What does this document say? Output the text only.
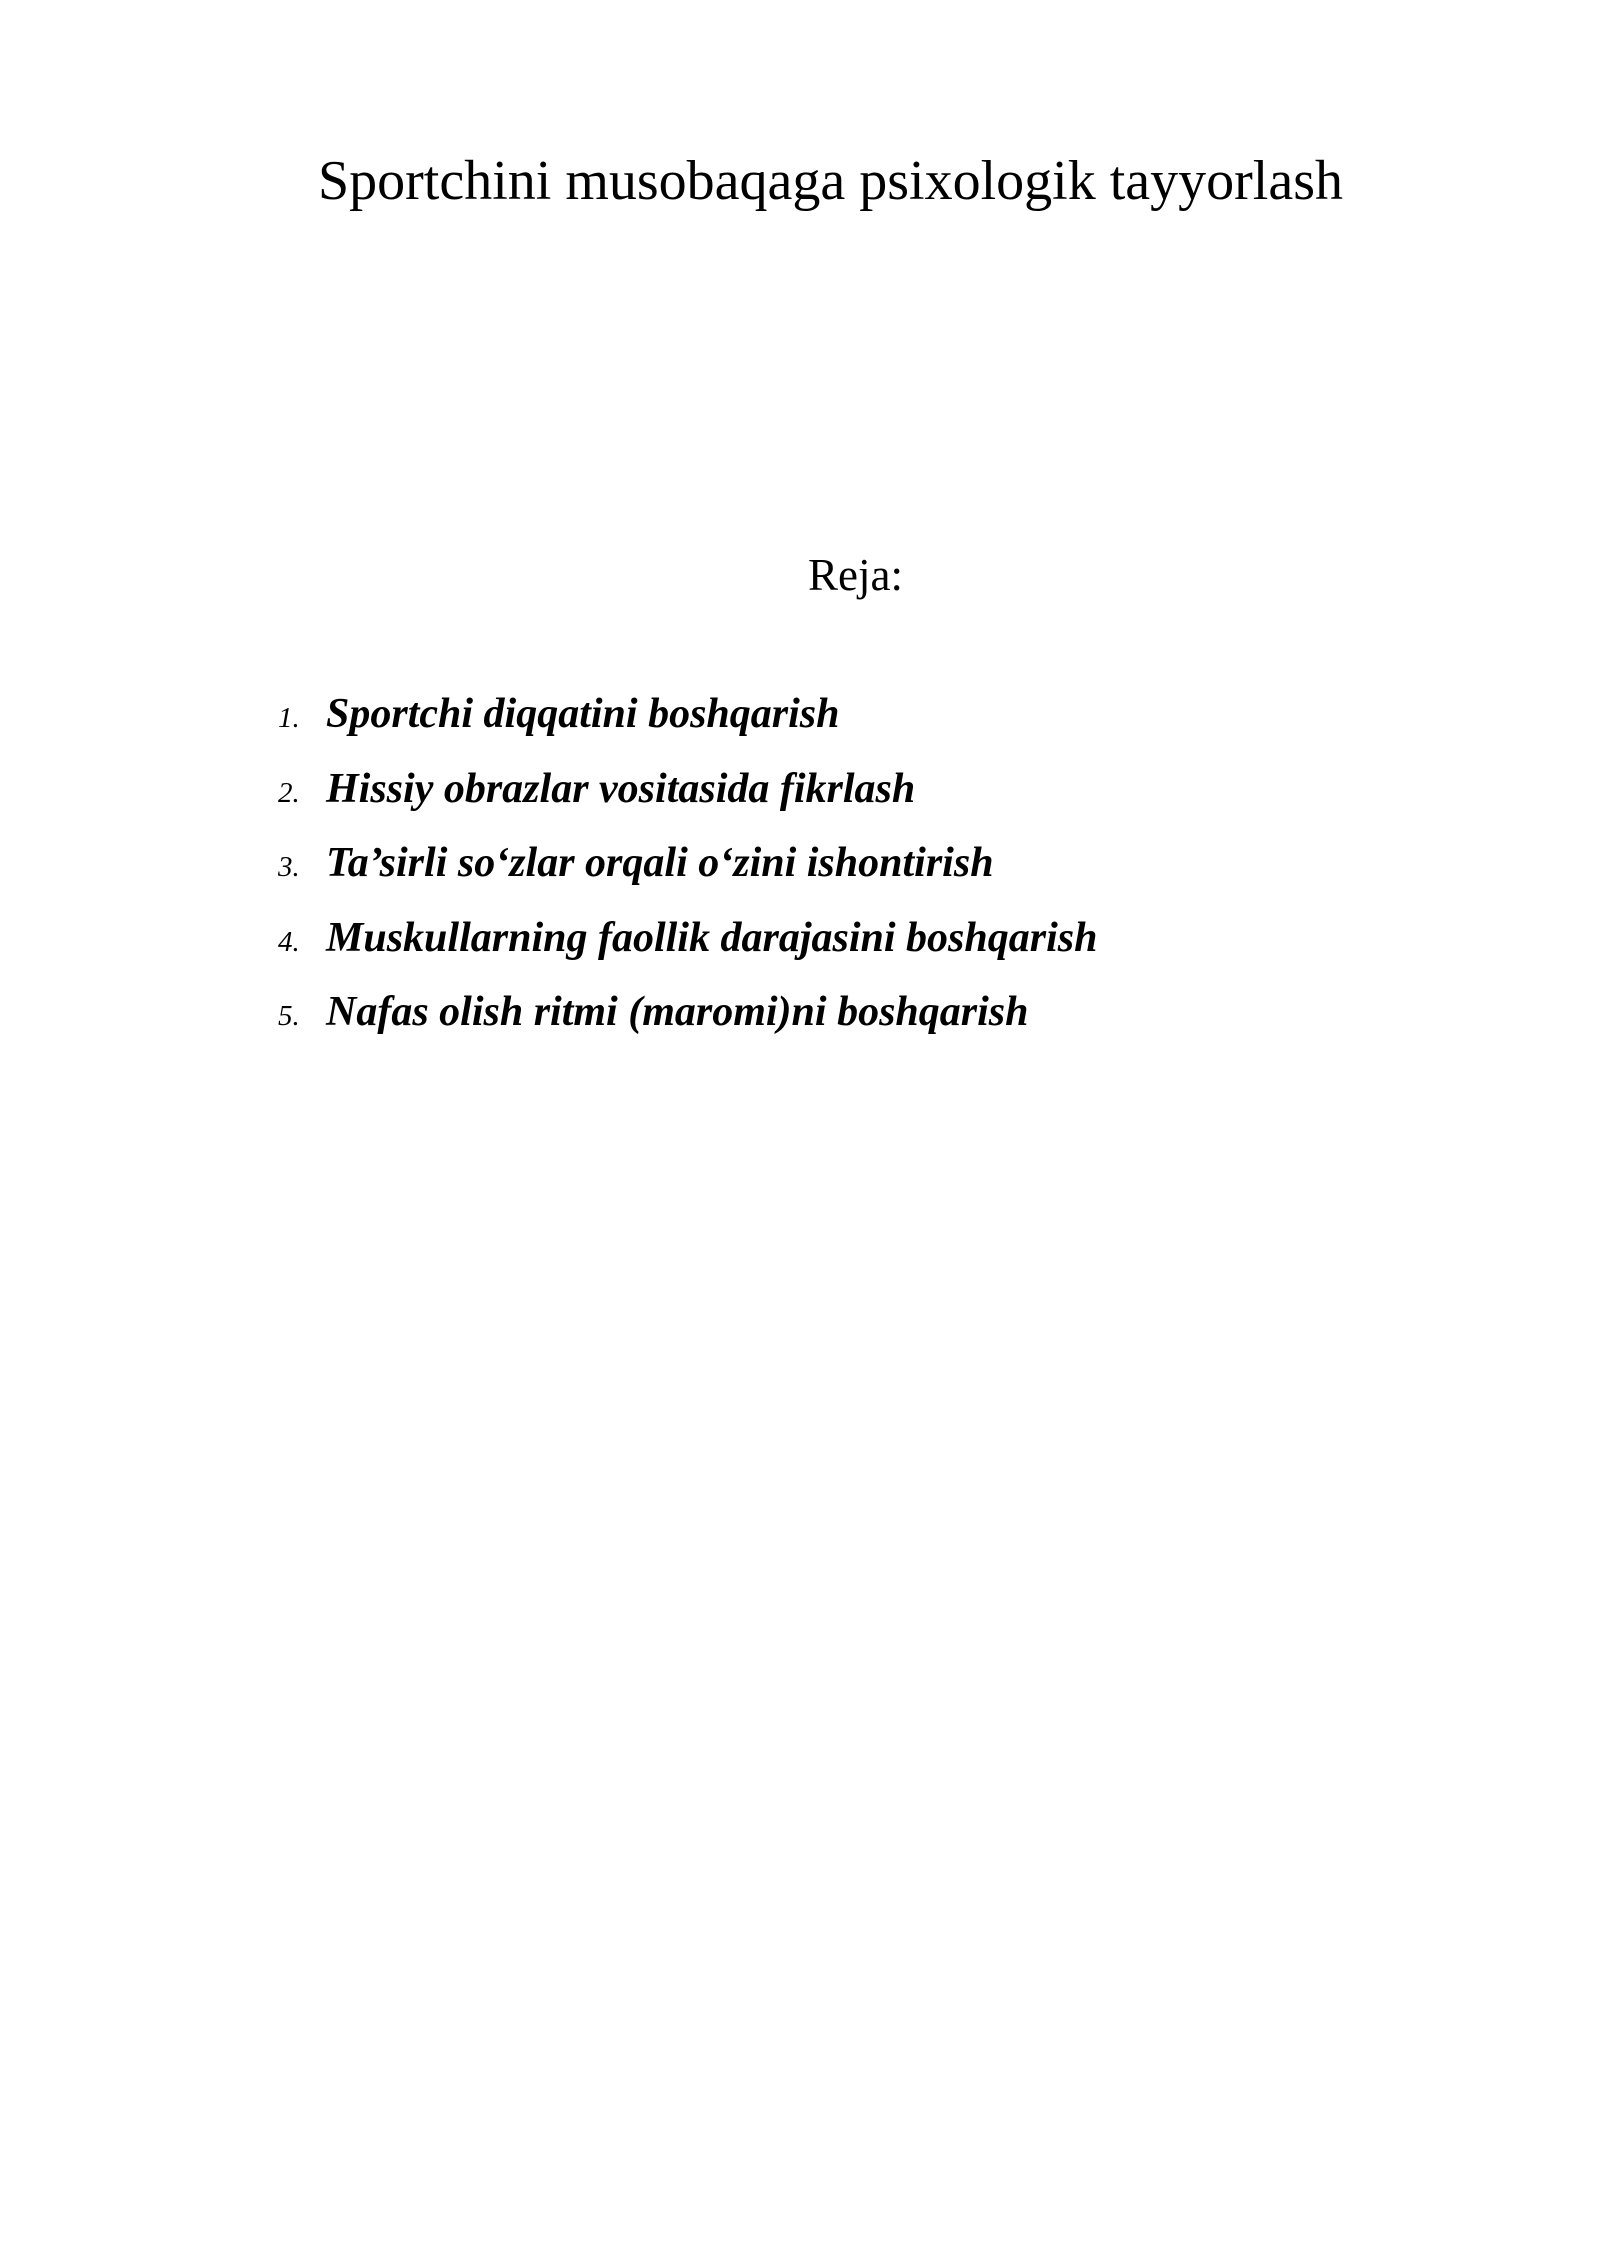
Sportchini musobaqaga psixologik tayyorlash
Reja:
1. Sportchi diqqatini boshqarish
2. Hissiy obrazlar vositasida fikrlash
3. Ta’sirli so‘zlar orqali o‘zini ishontirish
4. Muskullarning faollik darajasini boshqarish
5. Nafas olish ritmi (maromi)ni boshqarish
